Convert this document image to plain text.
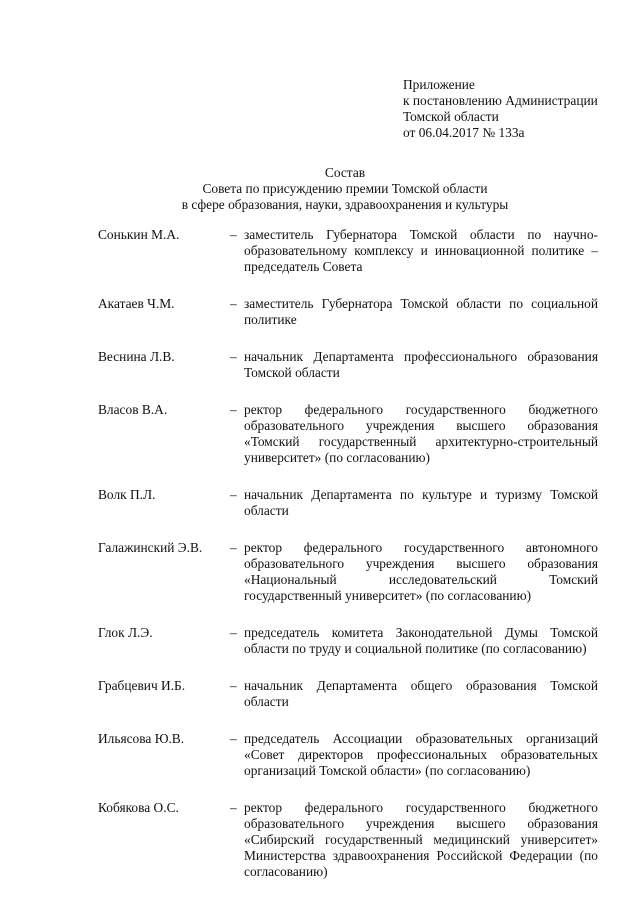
Приложение
к постановлению Администрации
Томской области
от 06.04.2017 № 133а
Состав
Совета по присуждению премии Томской области
в сфере образования, науки, здравоохранения и культуры
Сонькин М.А.	– заместитель Губернатора Томской области по научно-образовательному комплексу и инновационной политике – председатель Совета
Акатаев Ч.М.	– заместитель Губернатора Томской области по социальной политике
Веснина Л.В.	– начальник Департамента профессионального образования Томской области
Власов В.А.	– ректор федерального государственного бюджетного образовательного учреждения высшего образования «Томский государственный архитектурно-строительный университет» (по согласованию)
Волк П.Л.	– начальник Департамента по культуре и туризму Томской области
Галажинский Э.В. – ректор федерального государственного автономного образовательного учреждения высшего образования «Национальный исследовательский Томский государственный университет» (по согласованию)
Глок Л.Э.	– председатель комитета Законодательной Думы Томской области по труду и социальной политике (по согласованию)
Грабцевич И.Б.	– начальник Департамента общего образования Томской области
Ильясова Ю.В.	– председатель Ассоциации образовательных организаций «Совет директоров профессиональных образовательных организаций Томской области» (по согласованию)
Кобякова О.С.	– ректор федерального государственного бюджетного образовательного учреждения высшего образования «Сибирский государственный медицинский университет» Министерства здравоохранения Российской Федерации (по согласованию)
